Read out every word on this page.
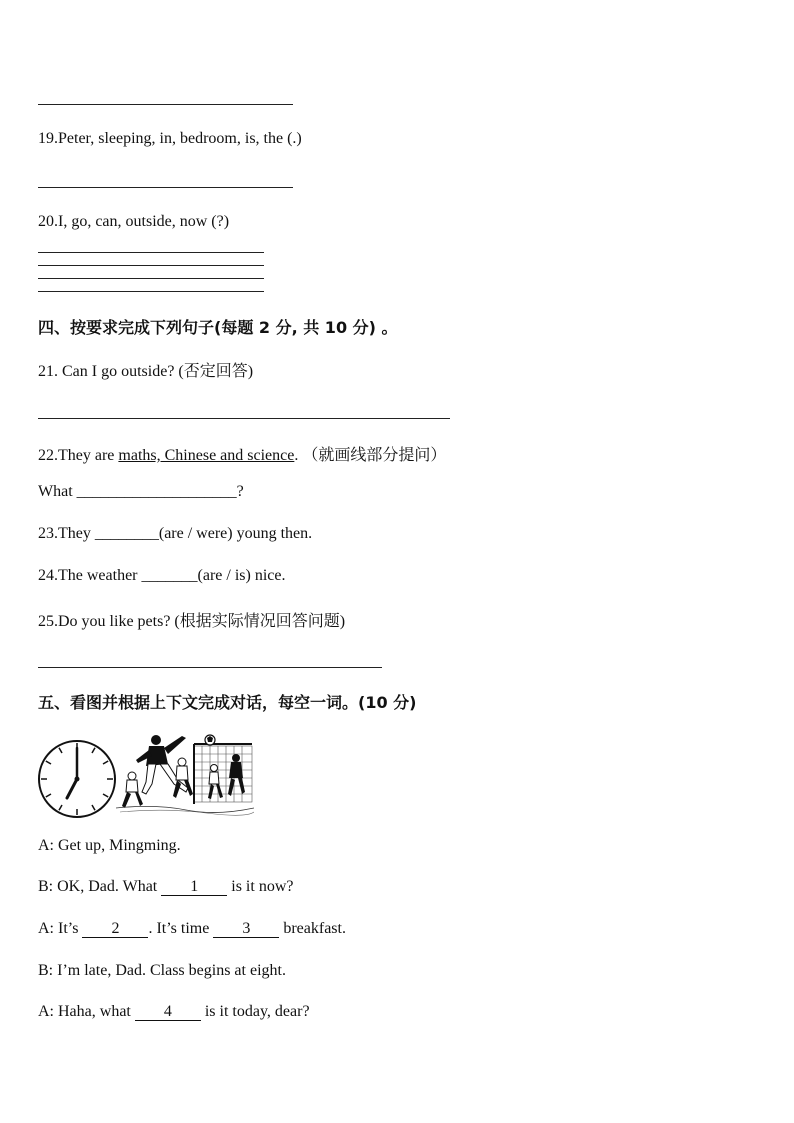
19.Peter, sleeping, in, bedroom, is, the (.)
20.I, go, can, outside, now (?)
四、按要求完成下列句子(每题 2 分, 共 10 分) 。
21. Can I go outside? (否定回答)
22.They are maths, Chinese and science. （就画线部分提问）
What ____________________?
23.They ________(are / were) young then.
24.The weather _______(are / is) nice.
25.Do you like pets? (根据实际情况回答问题)
五、看图并根据上下文完成对话，每空一词。(10 分)
A: Get up, Mingming.
B: OK, Dad. What 1 is it now?
A: It’s 2 . It’s time 3 breakfast.
B: I’m late, Dad. Class begins at eight.
A: Haha, what 4 is it today, dear?
